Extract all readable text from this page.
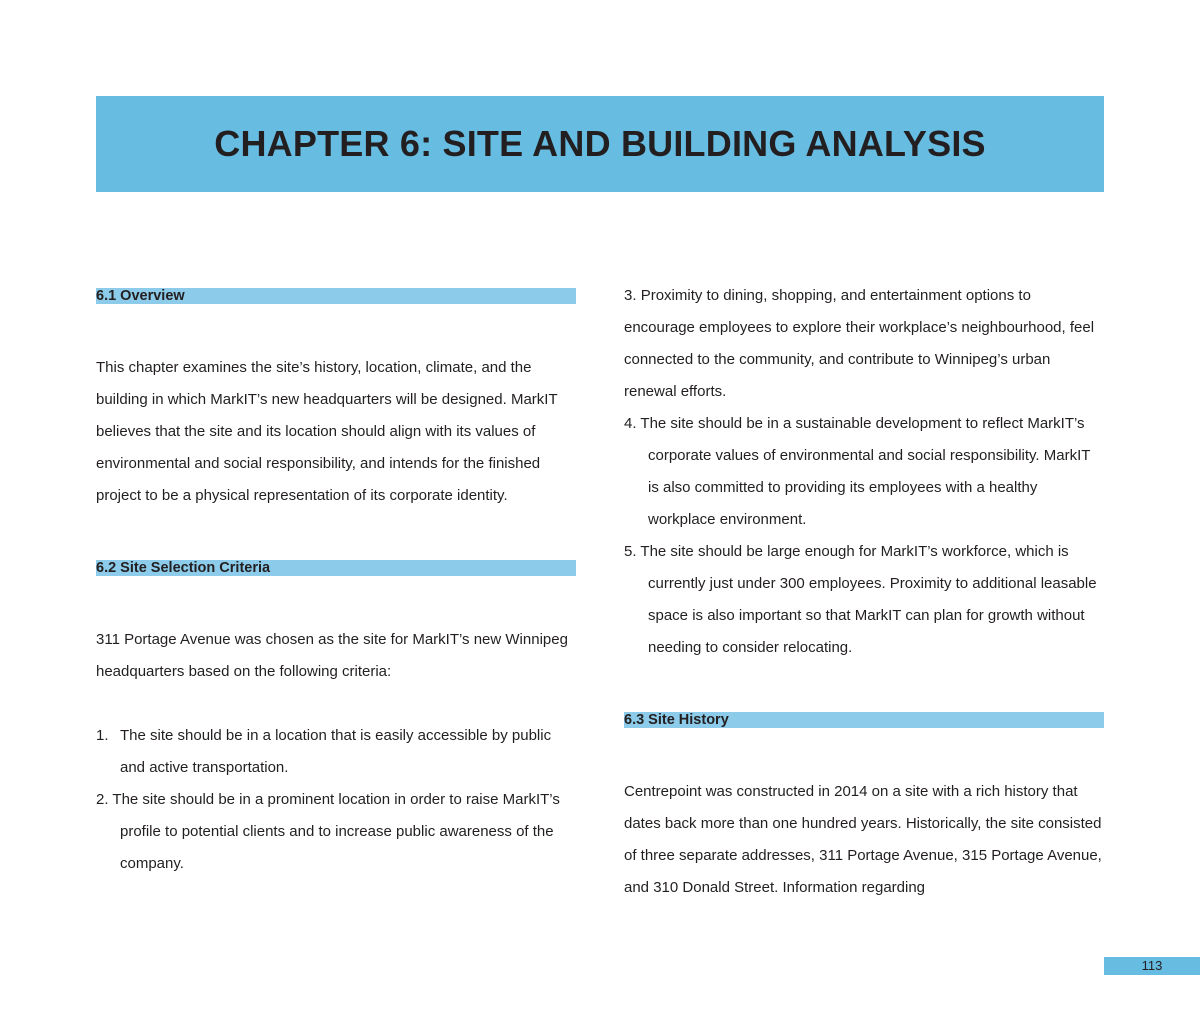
CHAPTER 6: SITE AND BUILDING ANALYSIS
6.1 Overview

This chapter examines the site’s history, location, climate, and the building in which MarkIT’s new headquarters will be designed. MarkIT believes that the site and its location should align with its values of environmental and social responsibility, and intends for the finished project to be a physical representation of its corporate identity.

6.2 Site Selection Criteria

311 Portage Avenue was chosen as the site for MarkIT’s new Winnipeg headquarters based on the following criteria:

1. The site should be in a location that is easily accessible by public and active transportation.
2. The site should be in a prominent location in order to raise MarkIT’s profile to potential clients and to increase public awareness of the company.
3. Proximity to dining, shopping, and entertainment options to encourage employees to explore their workplace’s neighbourhood, feel connected to the community, and contribute to Winnipeg’s urban renewal efforts.
4. The site should be in a sustainable development to reflect MarkIT’s corporate values of environmental and social responsibility. MarkIT is also committed to providing its employees with a healthy workplace environment.
5. The site should be large enough for MarkIT’s workforce, which is currently just under 300 employees. Proximity to additional leasable space is also important so that MarkIT can plan for growth without needing to consider relocating.
6.3 Site History

Centrepoint was constructed in 2014 on a site with a rich history that dates back more than one hundred years. Historically, the site consisted of three separate addresses, 311 Portage Avenue, 315 Portage Avenue, and 310 Donald Street. Information regarding

113
